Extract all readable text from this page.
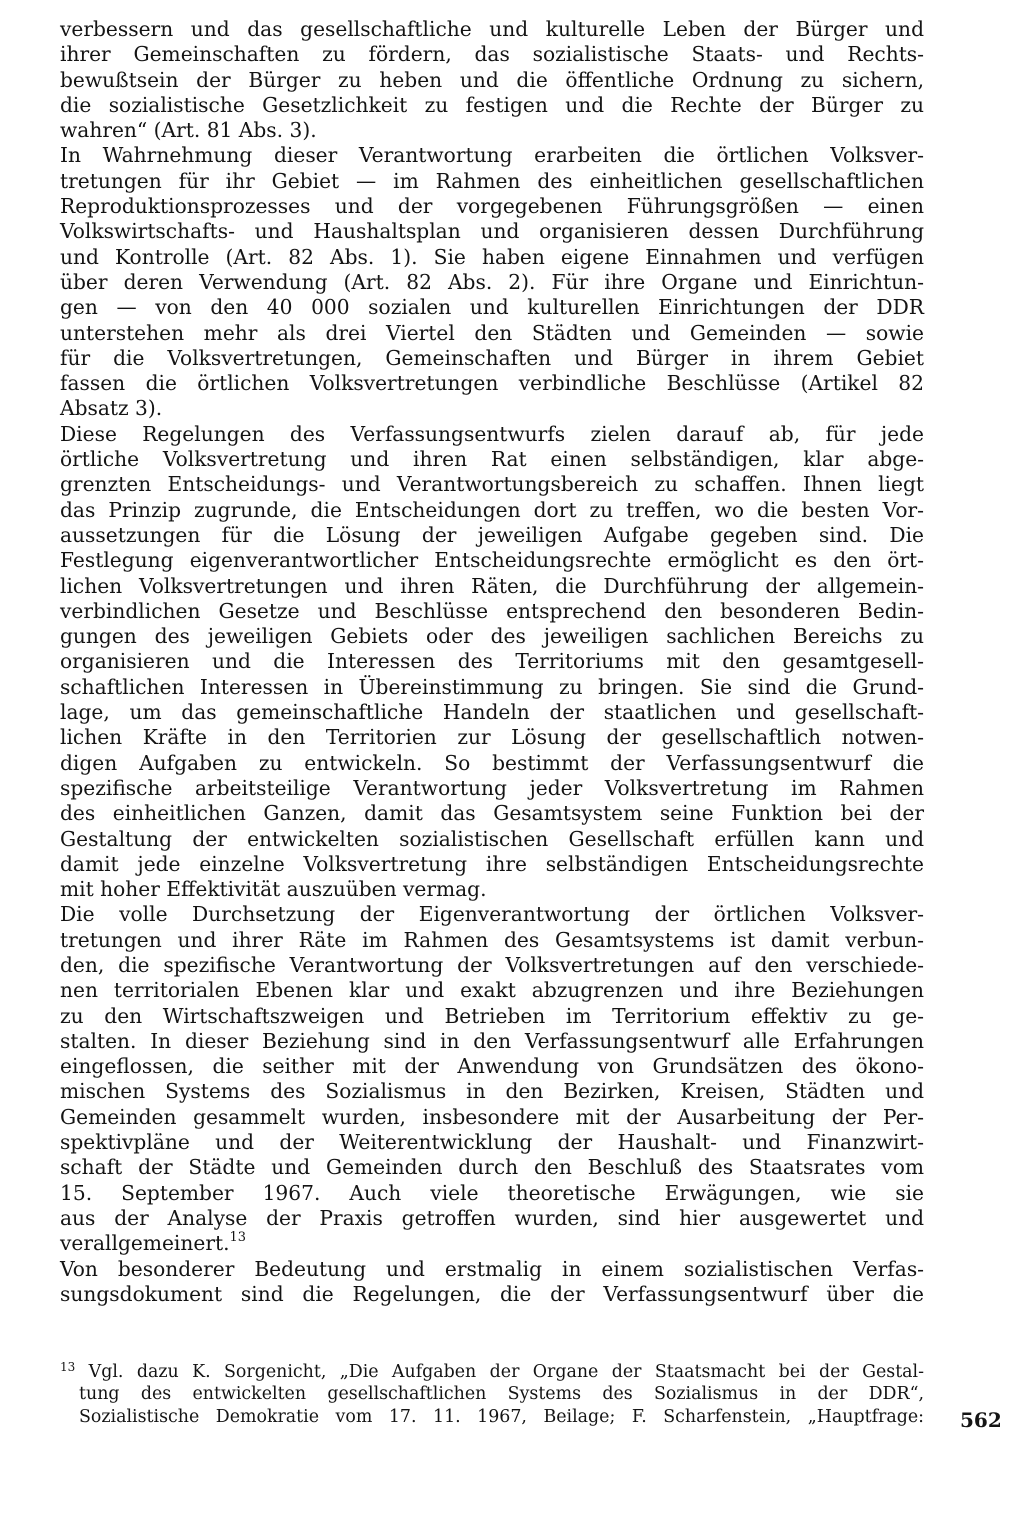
verbessern und das gesellschaftliche und kulturelle Leben der Bürger und
ihrer Gemeinschaften zu fördern, das sozialistische Staats- und Rechts-
bewußtsein der Bürger zu heben und die öffentliche Ordnung zu sichern,
die sozialistische Gesetzlichkeit zu festigen und die Rechte der Bürger zu
wahren“ (Art. 81 Abs. 3).
In Wahrnehmung dieser Verantwortung erarbeiten die örtlichen Volksver-
tretungen für ihr Gebiet — im Rahmen des einheitlichen gesellschaftlichen
Reproduktionsprozesses und der vorgegebenen Führungsgrößen — einen
Volkswirtschafts- und Haushaltsplan und organisieren dessen Durchführung
und Kontrolle (Art. 82 Abs. 1). Sie haben eigene Einnahmen und verfügen
über deren Verwendung (Art. 82 Abs. 2). Für ihre Organe und Einrichtun-
gen — von den 40 000 sozialen und kulturellen Einrichtungen der DDR
unterstehen mehr als drei Viertel den Städten und Gemeinden — sowie
für die Volksvertretungen, Gemeinschaften und Bürger in ihrem Gebiet
fassen die örtlichen Volksvertretungen verbindliche Beschlüsse (Artikel 82
Absatz 3).
Diese Regelungen des Verfassungsentwurfs zielen darauf ab, für jede
örtliche Volksvertretung und ihren Rat einen selbständigen, klar abge-
grenzten Entscheidungs- und Verantwortungsbereich zu schaffen. Ihnen liegt
das Prinzip zugrunde, die Entscheidungen dort zu treffen, wo die besten Vor-
aussetzungen für die Lösung der jeweiligen Aufgabe gegeben sind. Die
Festlegung eigenverantwortlicher Entscheidungsrechte ermöglicht es den ört-
lichen Volksvertretungen und ihren Räten, die Durchführung der allgemein-
verbindlichen Gesetze und Beschlüsse entsprechend den besonderen Bedin-
gungen des jeweiligen Gebiets oder des jeweiligen sachlichen Bereichs zu
organisieren und die Interessen des Territoriums mit den gesamtgesell-
schaftlichen Interessen in Übereinstimmung zu bringen. Sie sind die Grund-
lage, um das gemeinschaftliche Handeln der staatlichen und gesellschaft-
lichen Kräfte in den Territorien zur Lösung der gesellschaftlich notwen-
digen Aufgaben zu entwickeln. So bestimmt der Verfassungsentwurf die
spezifische arbeitsteilige Verantwortung jeder Volksvertretung im Rahmen
des einheitlichen Ganzen, damit das Gesamtsystem seine Funktion bei der
Gestaltung der entwickelten sozialistischen Gesellschaft erfüllen kann und
damit jede einzelne Volksvertretung ihre selbständigen Entscheidungsrechte
mit hoher Effektivität auszuüben vermag.
Die volle Durchsetzung der Eigenverantwortung der örtlichen Volksver-
tretungen und ihrer Räte im Rahmen des Gesamtsystems ist damit verbun-
den, die spezifische Verantwortung der Volksvertretungen auf den verschiede-
nen territorialen Ebenen klar und exakt abzugrenzen und ihre Beziehungen
zu den Wirtschaftszweigen und Betrieben im Territorium effektiv zu ge-
stalten. In dieser Beziehung sind in den Verfassungsentwurf alle Erfahrungen
eingeflossen, die seither mit der Anwendung von Grundsätzen des ökono-
mischen Systems des Sozialismus in den Bezirken, Kreisen, Städten und
Gemeinden gesammelt wurden, insbesondere mit der Ausarbeitung der Per-
spektivpläne und der Weiterentwicklung der Haushalt- und Finanzwirt-
schaft der Städte und Gemeinden durch den Beschluß des Staatsrates vom
15. September 1967. Auch viele theoretische Erwägungen, wie sie
aus der Analyse der Praxis getroffen wurden, sind hier ausgewertet und
verallgemeinert.$^{13}$
Von besonderer Bedeutung und erstmalig in einem sozialistischen Verfas-
sungsdokument sind die Regelungen, die der Verfassungsentwurf über die
$^{13}$ Vgl. dazu K. Sorgenicht, „Die Aufgaben der Organe der Staatsmacht bei der Gestal-
tung des entwickelten gesellschaftlichen Systems des Sozialismus in der DDR“,
Sozialistische Demokratie vom 17. 11. 1967, Beilage; F. Scharfenstein, „Hauptfrage: 562
